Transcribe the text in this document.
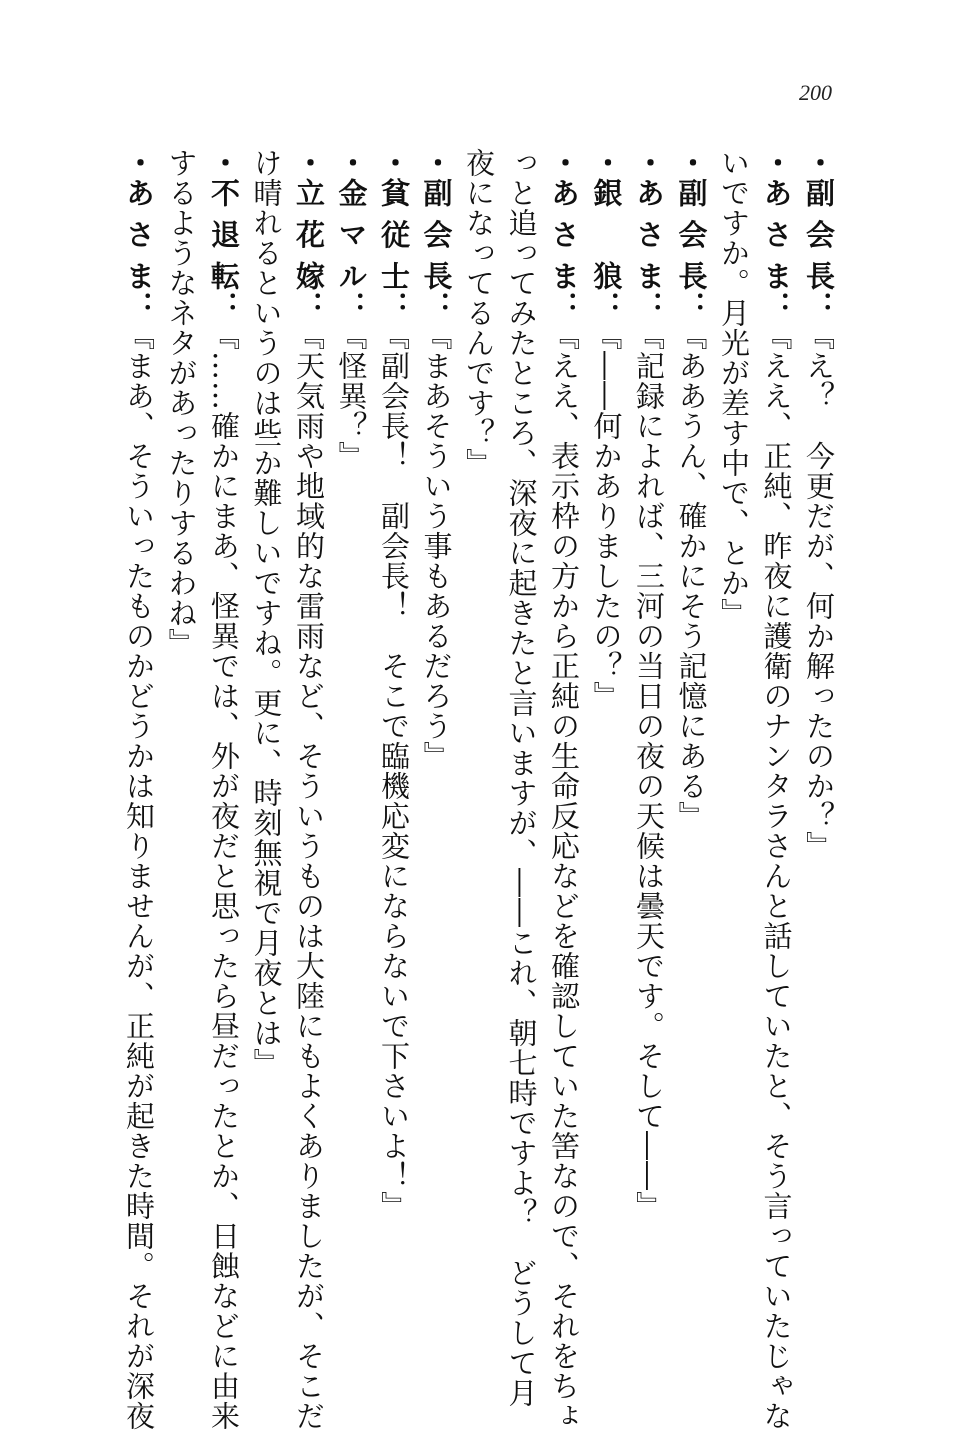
200
・副会長：『え？　今更だが、何か解ったのか？』
・あさま：『ええ、正純、昨夜に護衛のナンタラさんと話していたと、そう言っていたじゃな
いですか。月光が差す中で、とか』
・副会長：『ああうん、確かにそう記憶にある』
・あさま：『記録によれば、三河の当日の夜の天候は曇天です。そして――』
・銀　狼：『――何かありましたの？』
・あさま：『ええ、表示枠の方から正純の生命反応などを確認していた筈なので、それをちょ
っと追ってみたところ、深夜に起きたと言いますが、――これ、朝七時ですよ？　どうして月
夜になってるんです？』
・副会長：『まあそういう事もあるだろう』
・貧従士：『副会長！　副会長！　そこで臨機応変にならないで下さいよ！』
・金マル：『怪異？』
・立花嫁：『天気雨や地域的な雷雨など、そういうものは大陸にもよくありましたが、そこだ
け晴れるというのは些か難しいですね。更に、時刻無視で月夜とは』
・不退転：『……確かにまあ、怪異では、外が夜だと思ったら昼だったとか、日蝕などに由来
するようなネタがあったりするわね』
・あさま：『まあ、そういったものかどうかは知りませんが、正純が起きた時間。それが深夜
